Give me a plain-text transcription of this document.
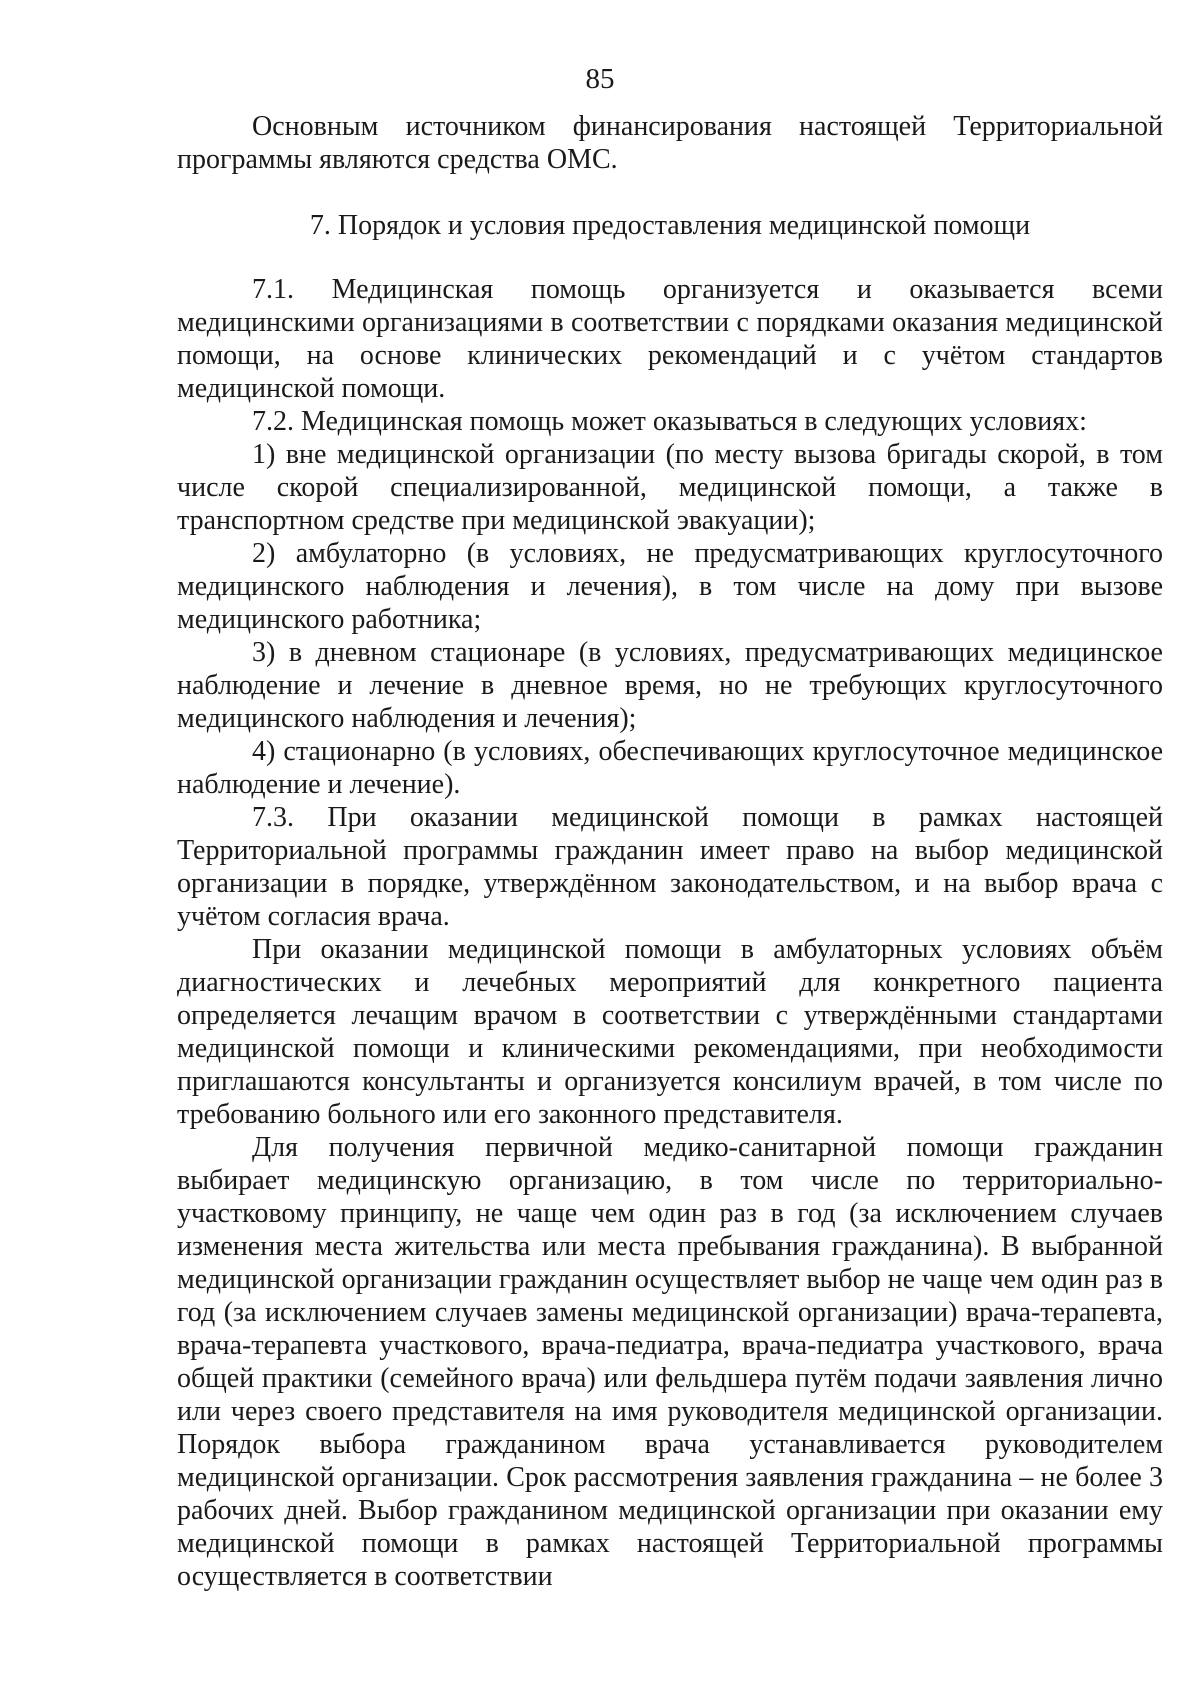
85

Основным источником финансирования настоящей Территориальной программы являются средства ОМС.

7. Порядок и условия предоставления медицинской помощи

7.1. Медицинская помощь организуется и оказывается всеми медицинскими организациями в соответствии с порядками оказания медицинской помощи, на основе клинических рекомендаций и с учётом стандартов медицинской помощи.

7.2. Медицинская помощь может оказываться в следующих условиях:

1) вне медицинской организации (по месту вызова бригады скорой, в том числе скорой специализированной, медицинской помощи, а также в транспортном средстве при медицинской эвакуации);

2) амбулаторно (в условиях, не предусматривающих круглосуточного медицинского наблюдения и лечения), в том числе на дому при вызове медицинского работника;

3) в дневном стационаре (в условиях, предусматривающих медицинское наблюдение и лечение в дневное время, но не требующих круглосуточного медицинского наблюдения и лечения);

4) стационарно (в условиях, обеспечивающих круглосуточное медицинское наблюдение и лечение).

7.3. При оказании медицинской помощи в рамках настоящей Территориальной программы гражданин имеет право на выбор медицинской организации в порядке, утверждённом законодательством, и на выбор врача с учётом согласия врача.

При оказании медицинской помощи в амбулаторных условиях объём диагностических и лечебных мероприятий для конкретного пациента определяется лечащим врачом в соответствии с утверждёнными стандартами медицинской помощи и клиническими рекомендациями, при необходимости приглашаются консультанты и организуется консилиум врачей, в том числе по требованию больного или его законного представителя.

Для получения первичной медико-санитарной помощи гражданин выбирает медицинскую организацию, в том числе по территориально-участковому принципу, не чаще чем один раз в год (за исключением случаев изменения места жительства или места пребывания гражданина). В выбранной медицинской организации гражданин осуществляет выбор не чаще чем один раз в год (за исключением случаев замены медицинской организации) врача-терапевта, врача-терапевта участкового, врача-педиатра, врача-педиатра участкового, врача общей практики (семейного врача) или фельдшера путём подачи заявления лично или через своего представителя на имя руководителя медицинской организации. Порядок выбора гражданином врача устанавливается руководителем медицинской организации. Срок рассмотрения заявления гражданина – не более 3 рабочих дней. Выбор гражданином медицинской организации при оказании ему медицинской помощи в рамках настоящей Территориальной программы осуществляется в соответствии
